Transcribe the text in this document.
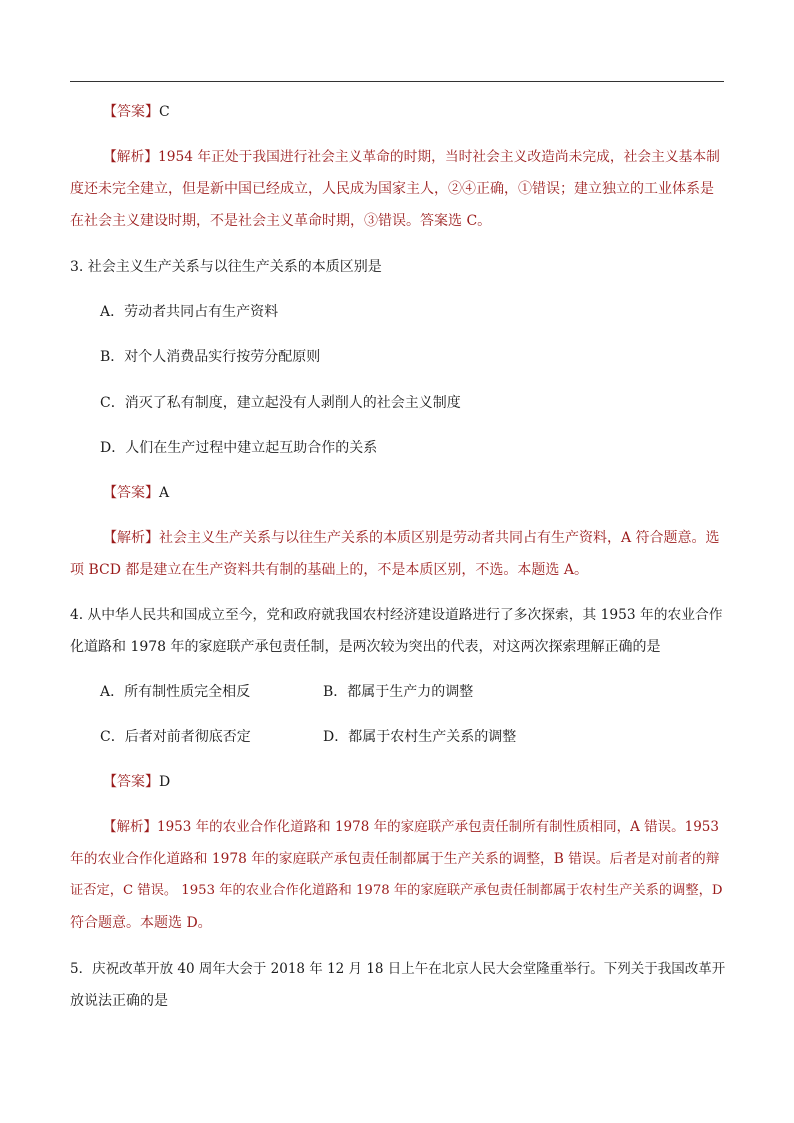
【答案】C
【解析】1954 年正处于我国进行社会主义革命的时期，当时社会主义改造尚未完成，社会主义基本制
度还未完全建立，但是新中国已经成立，人民成为国家主人，②④正确，①错误；建立独立的工业体系是
在社会主义建设时期，不是社会主义革命时期，③错误。答案选 C。
3. 社会主义生产关系与以往生产关系的本质区别是
A．劳动者共同占有生产资料
B．对个人消费品实行按劳分配原则
C．消灭了私有制度，建立起没有人剥削人的社会主义制度
D．人们在生产过程中建立起互助合作的关系
【答案】A
【解析】社会主义生产关系与以往生产关系的本质区别是劳动者共同占有生产资料，A 符合题意。选
项 BCD 都是建立在生产资料共有制的基础上的，不是本质区别，不选。本题选 A。
4. 从中华人民共和国成立至今，党和政府就我国农村经济建设道路进行了多次探索，其 1953 年的农业合作
化道路和 1978 年的家庭联产承包责任制，是两次较为突出的代表，对这两次探索理解正确的是
A．所有制性质完全相反	B．都属于生产力的调整
C．后者对前者彻底否定	D．都属于农村生产关系的调整
【答案】D
【解析】1953 年的农业合作化道路和 1978 年的家庭联产承包责任制所有制性质相同，A 错误。1953
年的农业合作化道路和 1978 年的家庭联产承包责任制都属于生产关系的调整，B 错误。后者是对前者的辩
证否定，C 错误。 1953 年的农业合作化道路和 1978 年的家庭联产承包责任制都属于农村生产关系的调整，D
符合题意。本题选 D。
5．庆祝改革开放 40 周年大会于 2018 年 12 月 18 日上午在北京人民大会堂隆重举行。下列关于我国改革开
放说法正确的是
